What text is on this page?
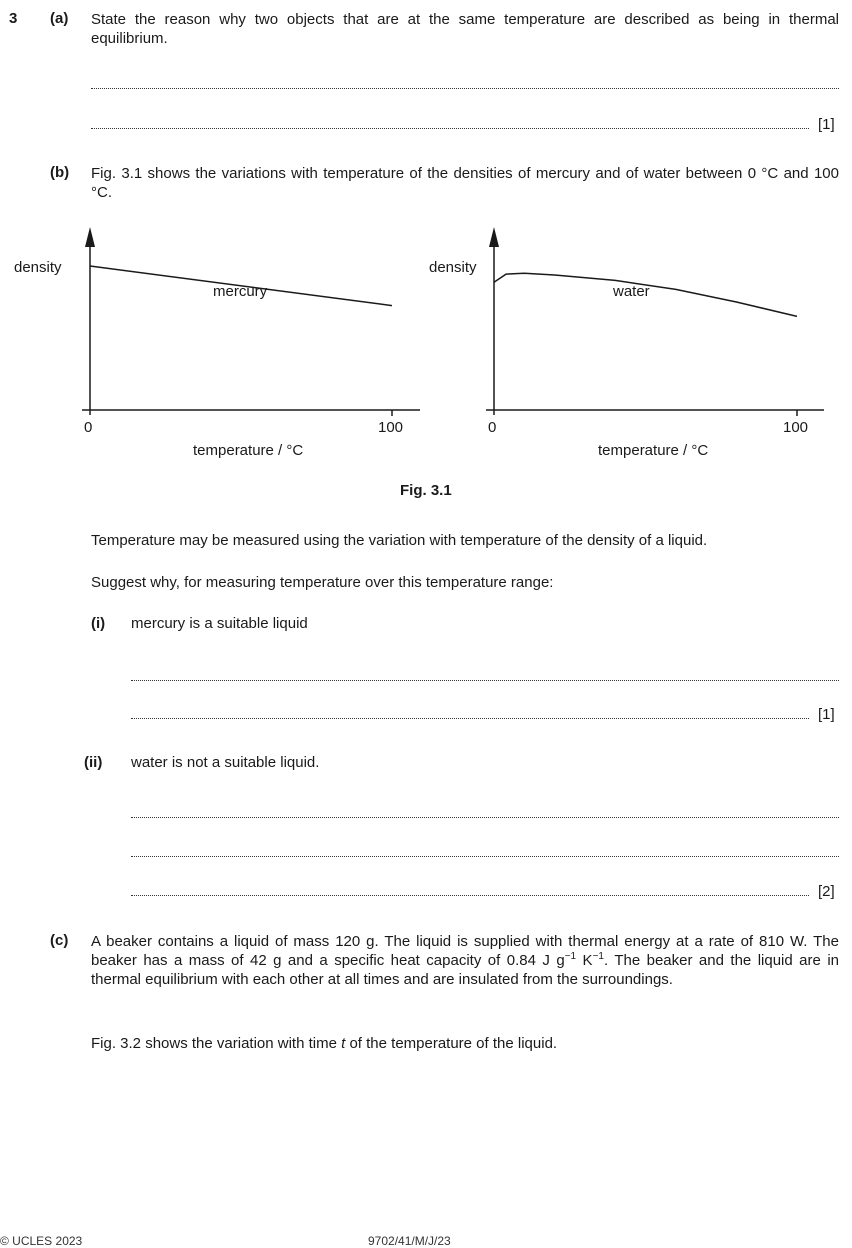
3 (a) State the reason why two objects that are at the same temperature are described as being in thermal equilibrium.
[1]
(b) Fig. 3.1 shows the variations with temperature of the densities of mercury and of water between 0 °C and 100 °C.
density
mercury
0	100
temperature / °C
density
water
0	100
temperature / °C
Fig. 3.1
Temperature may be measured using the variation with temperature of the density of a liquid.
Suggest why, for measuring temperature over this temperature range:
(i) mercury is a suitable liquid
[1]
(ii) water is not a suitable liquid.
[2]
(c) A beaker contains a liquid of mass 120 g. The liquid is supplied with thermal energy at a rate of 810 W. The beaker has a mass of 42 g and a specific heat capacity of 0.84 J $g^{-1}$ $K^{-1}$. The beaker and the liquid are in thermal equilibrium with each other at all times and are insulated from the surroundings.
Fig. 3.2 shows the variation with time t of the temperature of the liquid.
© UCLES 2023	9702/41/M/J/23
